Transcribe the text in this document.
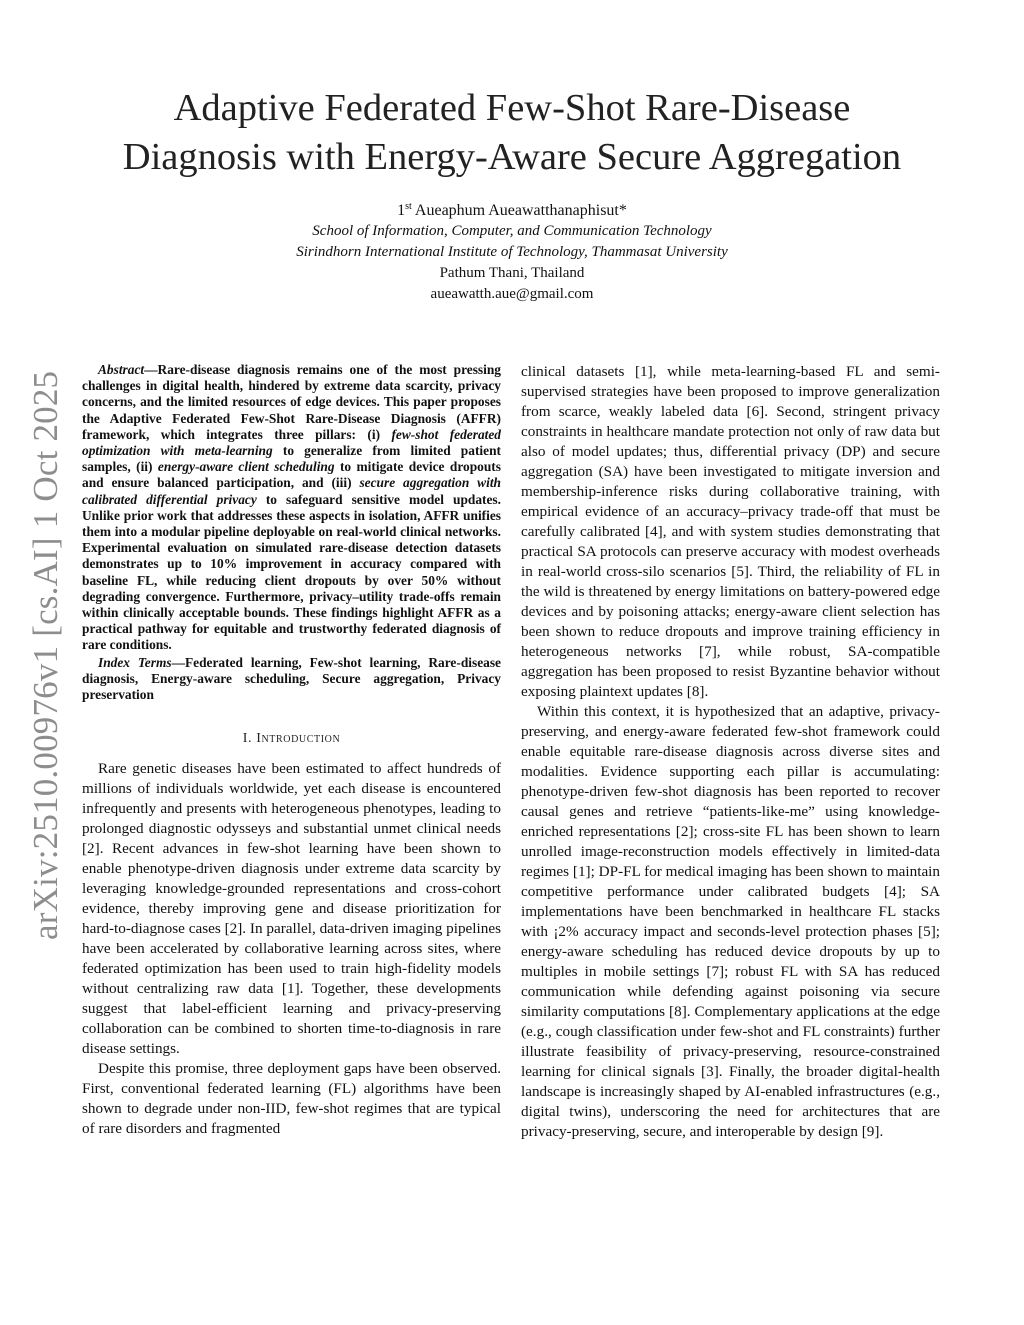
arXiv:2510.00976v1 [cs.AI] 1 Oct 2025
Adaptive Federated Few-Shot Rare-Disease
Diagnosis with Energy-Aware Secure Aggregation
1st Aueaphum Aueawatthanaphisut*
School of Information, Computer, and Communication Technology
Sirindhorn International Institute of Technology, Thammasat University
Pathum Thani, Thailand
aueawatth.aue@gmail.com

Abstract—Rare-disease diagnosis remains one of the most pressing challenges in digital health, hindered by extreme data scarcity, privacy concerns, and the limited resources of edge devices. This paper proposes the Adaptive Federated Few-Shot Rare-Disease Diagnosis (AFFR) framework, which integrates three pillars: (i) few-shot federated optimization with meta-learning to generalize from limited patient samples, (ii) energy-aware client scheduling to mitigate device dropouts and ensure balanced participation, and (iii) secure aggregation with calibrated differential privacy to safeguard sensitive model updates. Unlike prior work that addresses these aspects in isolation, AFFR unifies them into a modular pipeline deployable on real-world clinical networks. Experimental evaluation on simulated rare-disease detection datasets demonstrates up to 10% improvement in accuracy compared with baseline FL, while reducing client dropouts by over 50% without degrading convergence. Furthermore, privacy–utility trade-offs remain within clinically acceptable bounds. These findings highlight AFFR as a practical pathway for equitable and trustworthy federated diagnosis of rare conditions.

Index Terms—Federated learning, Few-shot learning, Rare-disease diagnosis, Energy-aware scheduling, Secure aggregation, Privacy preservation

I. Introduction

Rare genetic diseases have been estimated to affect hundreds of millions of individuals worldwide, yet each disease is encountered infrequently and presents with heterogeneous phenotypes, leading to prolonged diagnostic odysseys and substantial unmet clinical needs [2]. Recent advances in few-shot learning have been shown to enable phenotype-driven diagnosis under extreme data scarcity by leveraging knowledge-grounded representations and cross-cohort evidence, thereby improving gene and disease prioritization for hard-to-diagnose cases [2]. In parallel, data-driven imaging pipelines have been accelerated by collaborative learning across sites, where federated optimization has been used to train high-fidelity models without centralizing raw data [1]. Together, these developments suggest that label-efficient learning and privacy-preserving collaboration can be combined to shorten time-to-diagnosis in rare disease settings.

Despite this promise, three deployment gaps have been observed. First, conventional federated learning (FL) algorithms have been shown to degrade under non-IID, few-shot regimes that are typical of rare disorders and fragmented

clinical datasets [1], while meta-learning-based FL and semi-supervised strategies have been proposed to improve generalization from scarce, weakly labeled data [6]. Second, stringent privacy constraints in healthcare mandate protection not only of raw data but also of model updates; thus, differential privacy (DP) and secure aggregation (SA) have been investigated to mitigate inversion and membership-inference risks during collaborative training, with empirical evidence of an accuracy–privacy trade-off that must be carefully calibrated [4], and with system studies demonstrating that practical SA protocols can preserve accuracy with modest overheads in real-world cross-silo scenarios [5]. Third, the reliability of FL in the wild is threatened by energy limitations on battery-powered edge devices and by poisoning attacks; energy-aware client selection has been shown to reduce dropouts and improve training efficiency in heterogeneous networks [7], while robust, SA-compatible aggregation has been proposed to resist Byzantine behavior without exposing plaintext updates [8].

Within this context, it is hypothesized that an adaptive, privacy-preserving, and energy-aware federated few-shot framework could enable equitable rare-disease diagnosis across diverse sites and modalities. Evidence supporting each pillar is accumulating: phenotype-driven few-shot diagnosis has been reported to recover causal genes and retrieve “patients-like-me” using knowledge-enriched representations [2]; cross-site FL has been shown to learn unrolled image-reconstruction models effectively in limited-data regimes [1]; DP-FL for medical imaging has been shown to maintain competitive performance under calibrated budgets [4]; SA implementations have been benchmarked in healthcare FL stacks with ¡2% accuracy impact and seconds-level protection phases [5]; energy-aware scheduling has reduced device dropouts by up to multiples in mobile settings [7]; robust FL with SA has reduced communication while defending against poisoning via secure similarity computations [8]. Complementary applications at the edge (e.g., cough classification under few-shot and FL constraints) further illustrate feasibility of privacy-preserving, resource-constrained learning for clinical signals [3]. Finally, the broader digital-health landscape is increasingly shaped by AI-enabled infrastructures (e.g., digital twins), underscoring the need for architectures that are privacy-preserving, secure, and interoperable by design [9].
